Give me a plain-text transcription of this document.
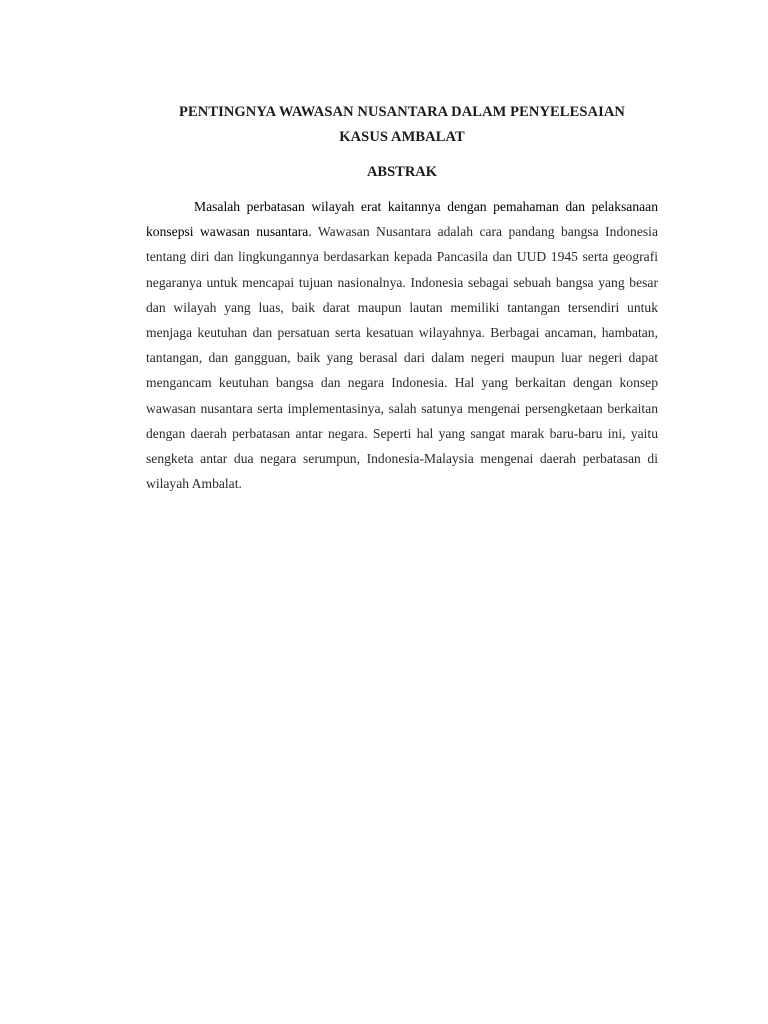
PENTINGNYA WAWASAN NUSANTARA DALAM PENYELESAIAN
KASUS AMBALAT
ABSTRAK

Masalah perbatasan wilayah erat kaitannya dengan pemahaman dan pelaksanaan konsepsi wawasan nusantara. Wawasan Nusantara adalah cara pandang bangsa Indonesia tentang diri dan lingkungannya berdasarkan kepada Pancasila dan UUD 1945 serta geografi negaranya untuk mencapai tujuan nasionalnya. Indonesia sebagai sebuah bangsa yang besar dan wilayah yang luas, baik darat maupun lautan memiliki tantangan tersendiri untuk menjaga keutuhan dan persatuan serta kesatuan wilayahnya. Berbagai ancaman, hambatan, tantangan, dan gangguan, baik yang berasal dari dalam negeri maupun luar negeri dapat mengancam keutuhan bangsa dan negara Indonesia. Hal yang berkaitan dengan konsep wawasan nusantara serta implementasinya, salah satunya mengenai persengketaan berkaitan dengan daerah perbatasan antar negara. Seperti hal yang sangat marak baru-baru ini, yaitu sengketa antar dua negara serumpun, Indonesia-Malaysia mengenai daerah perbatasan di wilayah Ambalat.
